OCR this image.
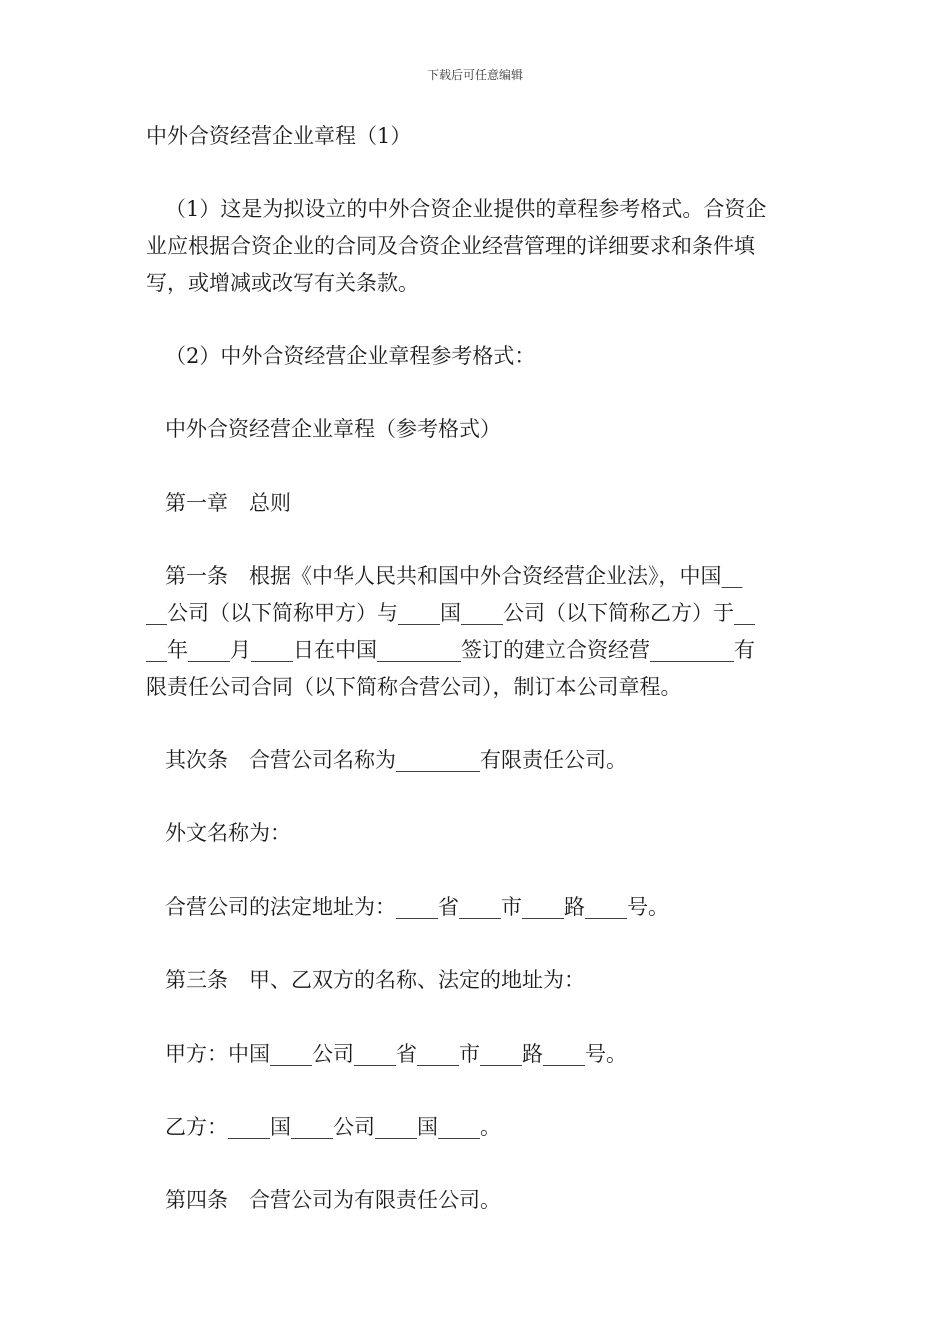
下载后可任意编辑
中外合资经营企业章程（1）
（1）这是为拟设立的中外合资企业提供的章程参考格式。合资企
业应根据合资企业的合同及合资企业经营管理的详细要求和条件填
写，或增减或改写有关条款。
（2）中外合资经营企业章程参考格式：
中外合资经营企业章程（参考格式）
第一章　总则
第一条　根据《中华人民共和国中外合资经营企业法》，中国__
__公司（以下简称甲方）与____国____公司（以下简称乙方）于__
__年____月____日在中国________签订的建立合资经营________有
限责任公司合同（以下简称合营公司），制订本公司章程。
其次条　合营公司名称为________有限责任公司。
外文名称为：
合营公司的法定地址为：____省____市____路____号。
第三条　甲、乙双方的名称、法定的地址为：
甲方：中国____公司____省____市____路____号。
乙方：____国____公司____国____。
第四条　合营公司为有限责任公司。
